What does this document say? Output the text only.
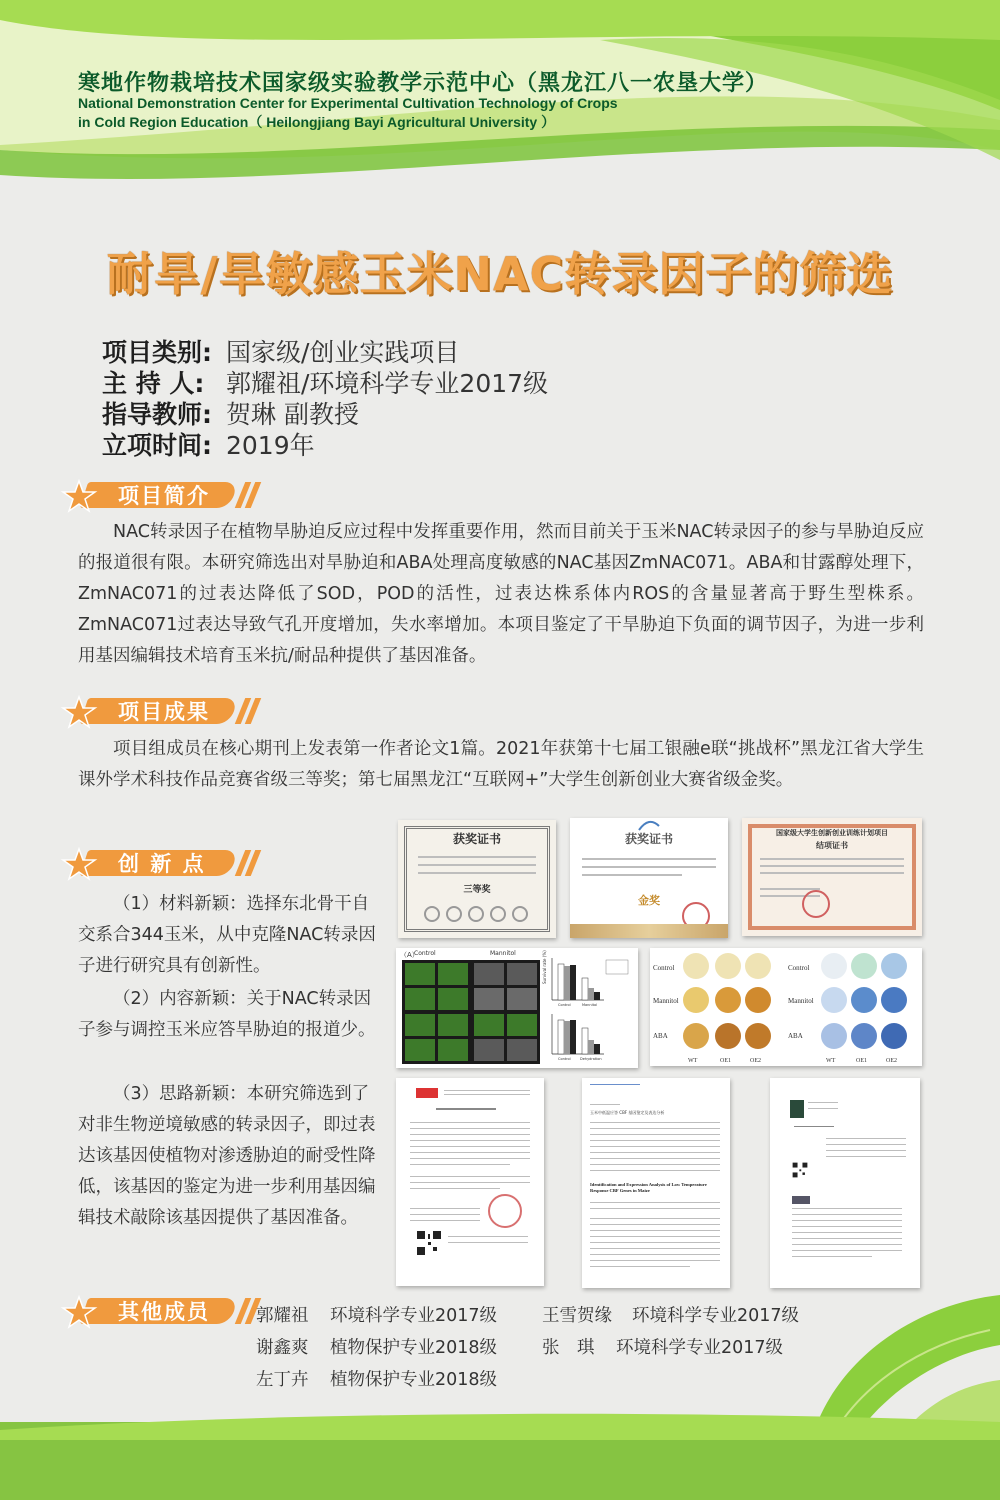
寒地作物栽培技术国家级实验教学示范中心（黑龙江八一农垦大学）

National Demonstration Center for Experimental Cultivation Technology of Crops

in Cold Region Education（ Heilongjiang Bayi Agricultural University ）

耐旱/旱敏感玉米NAC转录因子的筛选

项目类别: 国家级/创业实践项目

主 持 人: 郭耀祖/环境科学专业2017级

指导教师: 贺琳 副教授

立项时间: 2019年

项目简介

NAC转录因子在植物旱胁迫反应过程中发挥重要作用，然而目前关于玉米NAC转录因子的参与旱胁迫反应的报道很有限。本研究筛选出对旱胁迫和ABA处理高度敏感的NAC基因ZmNAC071。ABA和甘露醇处理下，ZmNAC071的过表达降低了SOD，POD的活性，过表达株系体内ROS的含量显著高于野生型株系。ZmNAC071过表达导致气孔开度增加，失水率增加。本项目鉴定了干旱胁迫下负面的调节因子，为进一步利用基因编辑技术培育玉米抗/耐品种提供了基因准备。

项目成果

项目组成员在核心期刊上发表第一作者论文1篇。2021年获第十七届工银融e联“挑战杯”黑龙江省大学生课外学术科技作品竞赛省级三等奖；第七届黑龙江“互联网+”大学生创新创业大赛省级金奖。

创 新 点

（1）材料新颖：选择东北骨干自交系合344玉米，从中克隆NAC转录因子进行研究具有创新性。

（2）内容新颖：关于NAC转录因子参与调控玉米应答旱胁迫的报道少。

（3）思路新颖：本研究筛选到了对非生物逆境敏感的转录因子，即过表达该基因使植物对渗透胁迫的耐受性降低，该基因的鉴定为进一步利用基因编辑技术敲除该基因提供了基因准备。

获奖证书
三等奖
获奖证书
金奖
国家级大学生创新创业训练计划项目
结项证书
（A）
Control	Mannitol	Survival rate (%)
Control	Mannitol
Control	Dehydration
Control
Mannitol
ABA
Control
Mannitol
ABA
WT	OE1	OE2	WT	OE1	OE2
玉米中低温应答 CBF 基因鉴定及表达分析
Identification and Expression Analysis of Low Temperature Response CBF Genes in Maize
其他成员	郭耀祖 环境科学专业2017级	王雪贺缘 环境科学专业2017级

谢鑫爽 植物保护专业2018级	张　琪 环境科学专业2017级

左丁卉 植物保护专业2018级
